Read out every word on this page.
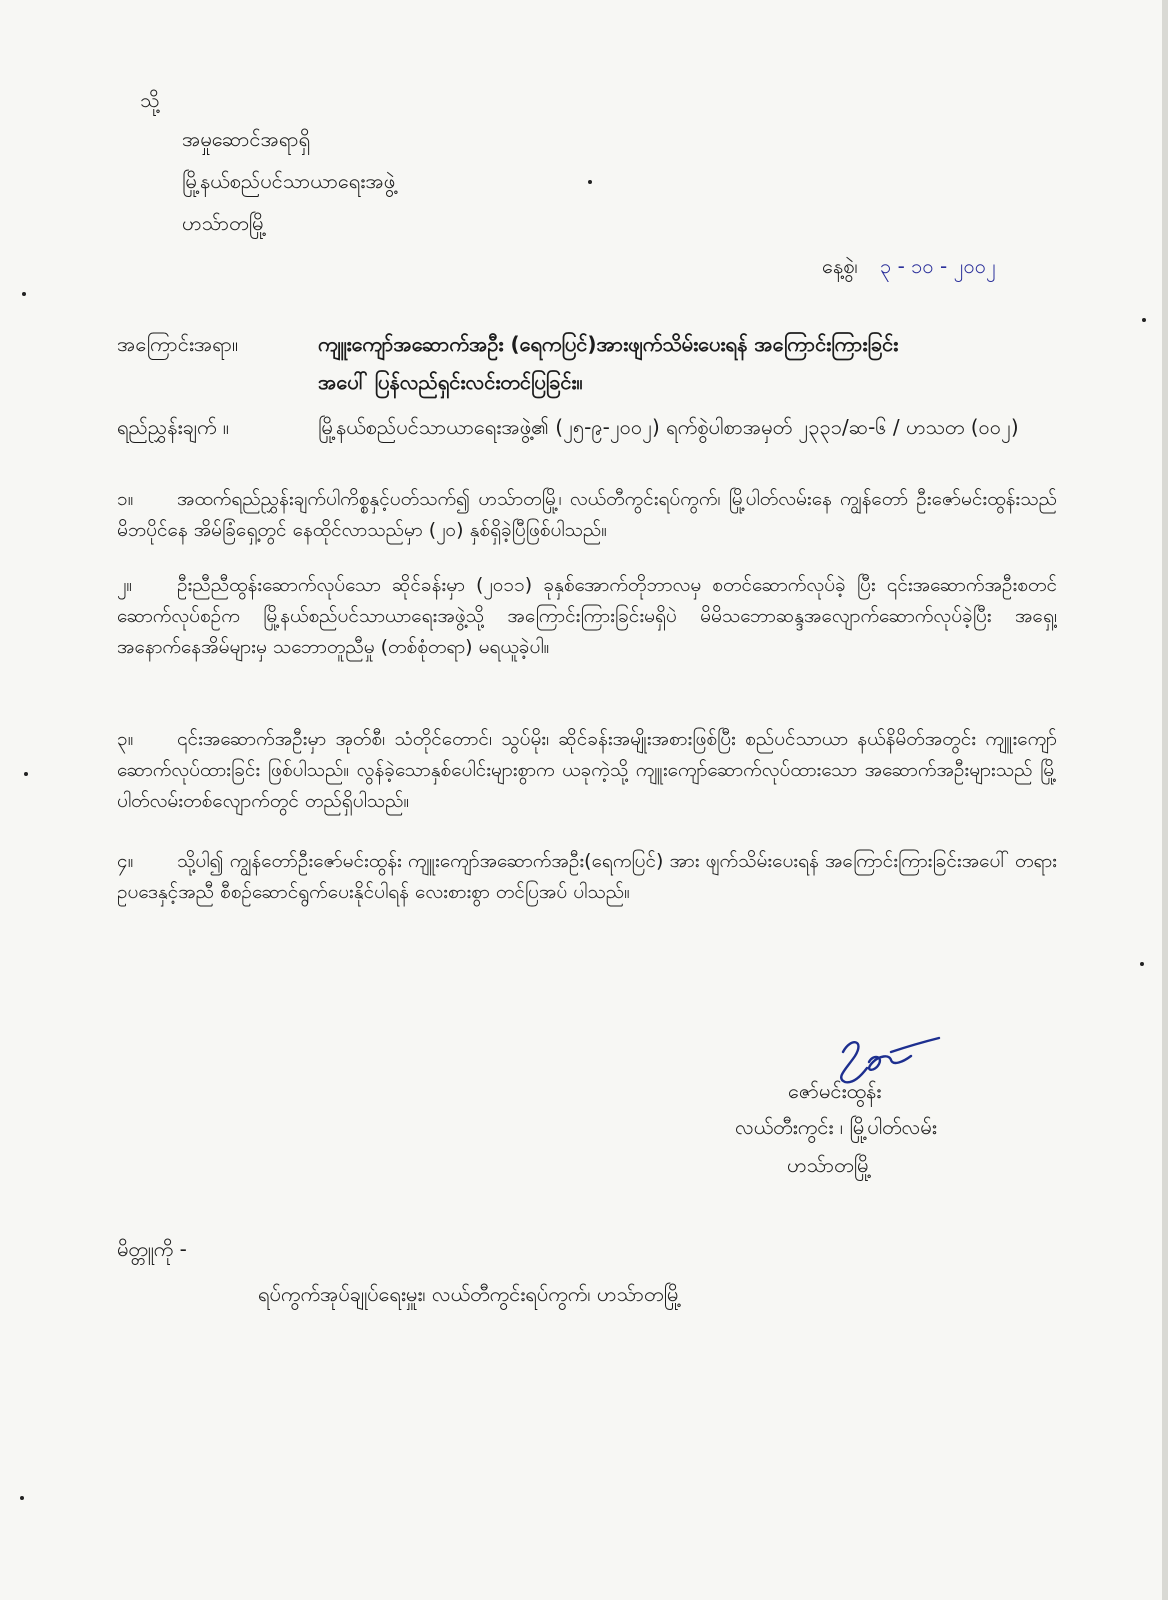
သို့
အမှုဆောင်အရာရှိ
မြို့နယ်စည်ပင်သာယာရေးအဖွဲ့
ဟသ်ာတမြို့
နေ့စွဲ၊ ၃ - ၁၀ - ၂၀၀၂
အကြောင်းအရာ။	ကျူးကျော်အဆောက်အဦး (ရေကပြင်)အားဖျက်သိမ်းပေးရန် အကြောင်းကြားခြင်း
အပေါ် ပြန်လည်ရှင်းလင်းတင်ပြခြင်း။
ရည်ညွှန်းချက် ။	မြို့နယ်စည်ပင်သာယာရေးအဖွဲ့၏ (၂၅-၉-၂၀၀၂) ရက်စွဲပါစာအမှတ် ၂၃၃၁/ဆ-၆ / ဟသတ (၀၀၂)
၁။ အထက်ရည်ညွှန်းချက်ပါကိစ္စနှင့်ပတ်သက်၍ ဟသ်ာတမြို့၊ လယ်တီကွင်းရပ်ကွက်၊ မြို့ပါတ်လမ်းနေ ကျွန်တော် ဦးဇော်မင်းထွန်းသည် မိဘပိုင်နေ အိမ်ခြံရှေ့တွင် နေထိုင်လာသည်မှာ (၂၀) နှစ်ရှိခဲ့ပြီဖြစ်ပါသည်။
၂။ ဦးညီညီထွန်းဆောက်လုပ်သော ဆိုင်ခန်းမှာ (၂၀၁၁) ခုနှစ်အောက်တိုဘာလမှ စတင်ဆောက်လုပ်ခဲ့ ပြီး ၎င်းအဆောက်အဦးစတင်ဆောက်လုပ်စဉ်က မြို့နယ်စည်ပင်သာယာရေးအဖွဲ့သို့ အကြောင်းကြားခြင်းမရှိပဲ မိမိသဘောဆန္ဒအလျောက်ဆောက်လုပ်ခဲ့ပြီး အရှေ့၊ အနောက်နေအိမ်များမှ သဘောတူညီမှု (တစ်စုံတရာ) မရယူခဲ့ပါ။
၃။ ၎င်းအဆောက်အဦးမှာ အုတ်စီ၊ သံတိုင်တောင်၊ သွပ်မိုး၊ ဆိုင်ခန်းအမျိုးအစားဖြစ်ပြီး စည်ပင်သာယာ နယ်နိမိတ်အတွင်း ကျူးကျော်ဆောက်လုပ်ထားခြင်း ဖြစ်ပါသည်။ လွန်ခဲ့သောနှစ်ပေါင်းများစွာက ယခုကဲ့သို့ ကျူးကျော်ဆောက်လုပ်ထားသော အဆောက်အဦးများသည် မြို့ပါတ်လမ်းတစ်လျောက်တွင် တည်ရှိပါသည်။
၄။ သို့ပါ၍ ကျွန်တော်ဦးဇော်မင်းထွန်း ကျူးကျော်အဆောက်အဦး(ရေကပြင်) အား ဖျက်သိမ်းပေးရန် အကြောင်းကြားခြင်းအပေါ် တရားဥပဒေနှင့်အညီ စီစဉ်ဆောင်ရွက်ပေးနိုင်ပါရန် လေးစားစွာ တင်ပြအပ် ပါသည်။
ဇော်မင်းထွန်း
လယ်တီးကွင်း ၊ မြို့ပါတ်လမ်း
ဟသ်ာတမြို့
မိတ္တူကို -
ရပ်ကွက်အုပ်ချုပ်ရေးမှူး၊ လယ်တီကွင်းရပ်ကွက်၊ ဟသ်ာတမြို့
